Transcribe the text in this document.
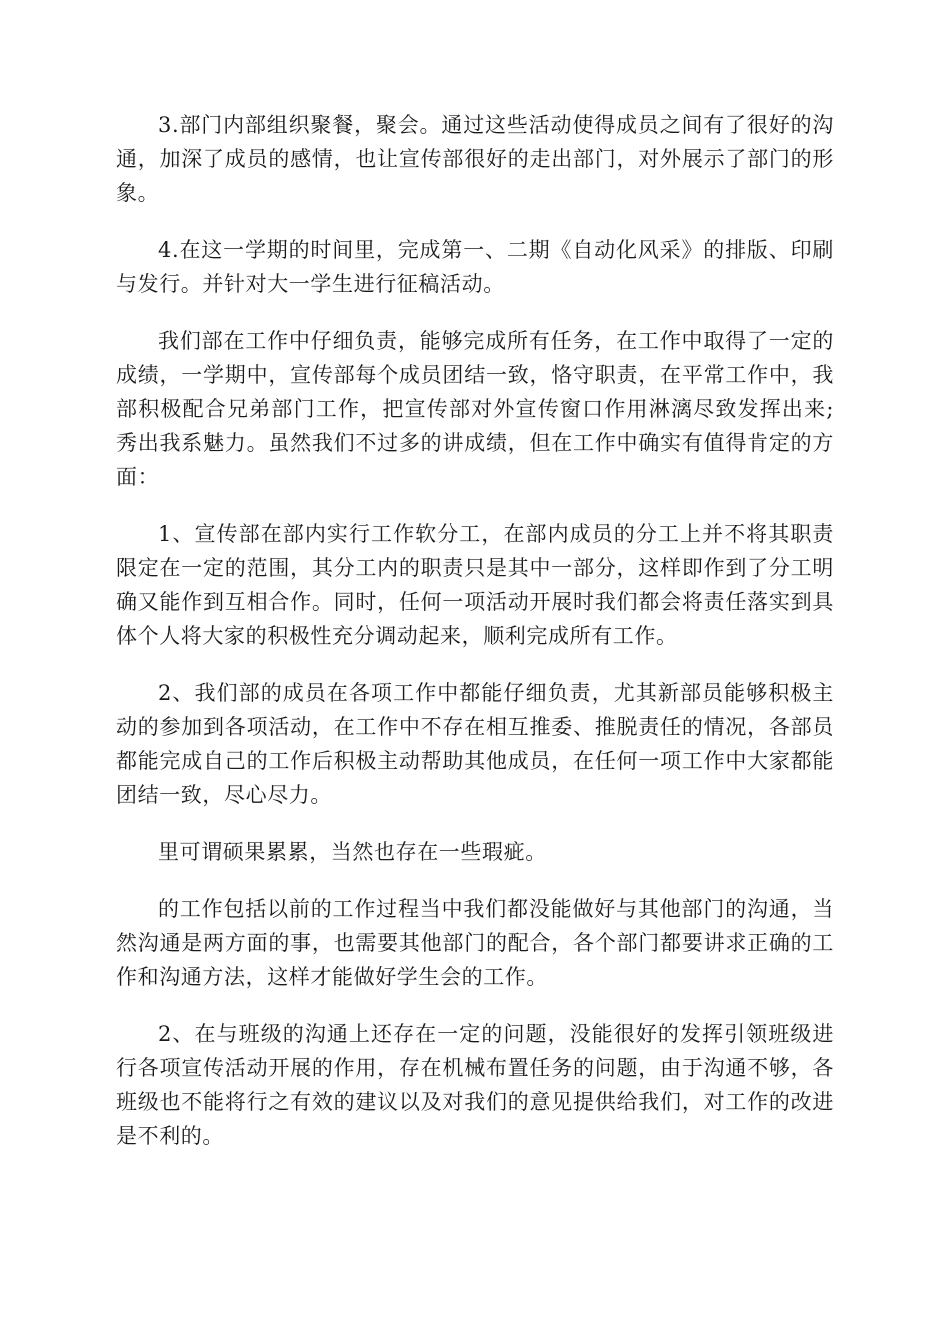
3.部门内部组织聚餐，聚会。通过这些活动使得成员之间有了很好的沟通，加深了成员的感情，也让宣传部很好的走出部门，对外展示了部门的形象。

4.在这一学期的时间里，完成第一、二期《自动化风采》的排版、印刷与发行。并针对大一学生进行征稿活动。

我们部在工作中仔细负责，能够完成所有任务，在工作中取得了一定的成绩，一学期中，宣传部每个成员团结一致，恪守职责，在平常工作中，我部积极配合兄弟部门工作，把宣传部对外宣传窗口作用淋漓尽致发挥出来;秀出我系魅力。虽然我们不过多的讲成绩，但在工作中确实有值得肯定的方面：

1、宣传部在部内实行工作软分工，在部内成员的分工上并不将其职责限定在一定的范围，其分工内的职责只是其中一部分，这样即作到了分工明确又能作到互相合作。同时，任何一项活动开展时我们都会将责任落实到具体个人将大家的积极性充分调动起来，顺利完成所有工作。

2、我们部的成员在各项工作中都能仔细负责，尤其新部员能够积极主动的参加到各项活动，在工作中不存在相互推委、推脱责任的情况，各部员都能完成自己的工作后积极主动帮助其他成员，在任何一项工作中大家都能团结一致，尽心尽力。

里可谓硕果累累，当然也存在一些瑕疵。

的工作包括以前的工作过程当中我们都没能做好与其他部门的沟通，当然沟通是两方面的事，也需要其他部门的配合，各个部门都要讲求正确的工作和沟通方法，这样才能做好学生会的工作。

2、在与班级的沟通上还存在一定的问题，没能很好的发挥引领班级进行各项宣传活动开展的作用，存在机械布置任务的问题，由于沟通不够，各班级也不能将行之有效的建议以及对我们的意见提供给我们，对工作的改进是不利的。
